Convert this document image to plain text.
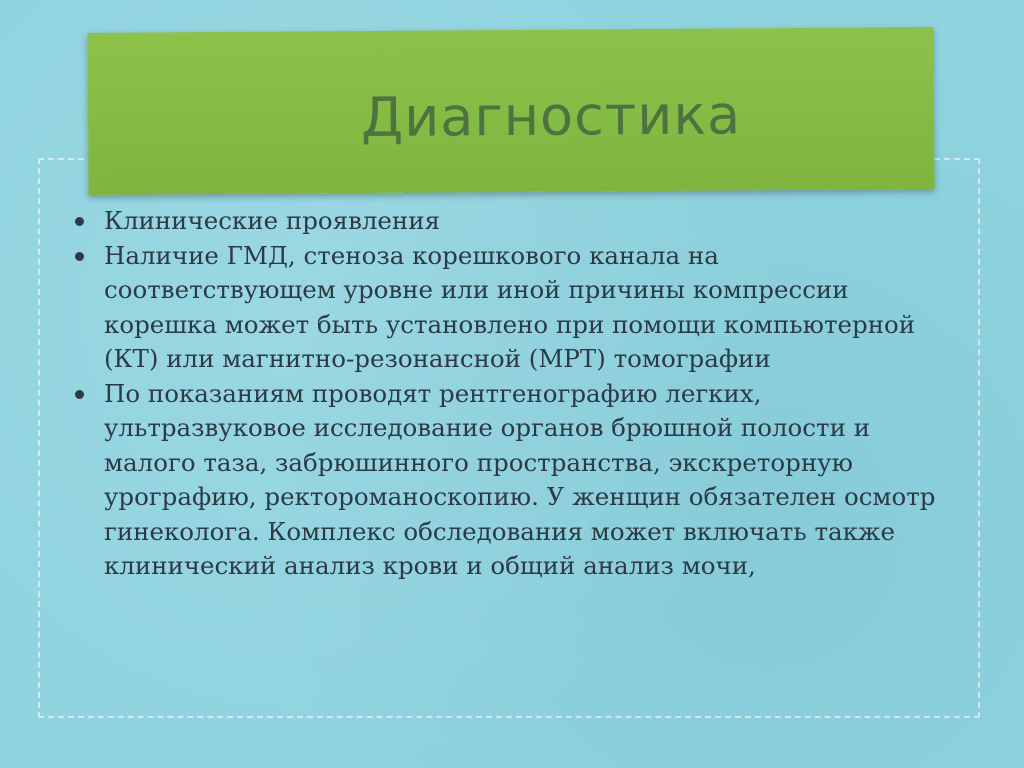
Диагностика
Клинические проявления
Наличие ГМД, стеноза корешкового канала на соответствующем уровне или иной причины компрессии корешка может быть установлено при помощи компьютерной (КТ) или магнитно-резонансной (МРТ) томографии
По показаниям проводят рентгенографию легких, ультразвуковое исследование органов брюшной полости и малого таза, забрюшинного пространства, экскреторную урографию, ректороманоскопию. У женщин обязателен осмотр гинеколога. Комплекс обследования может включать также клинический анализ крови и общий анализ мочи,
